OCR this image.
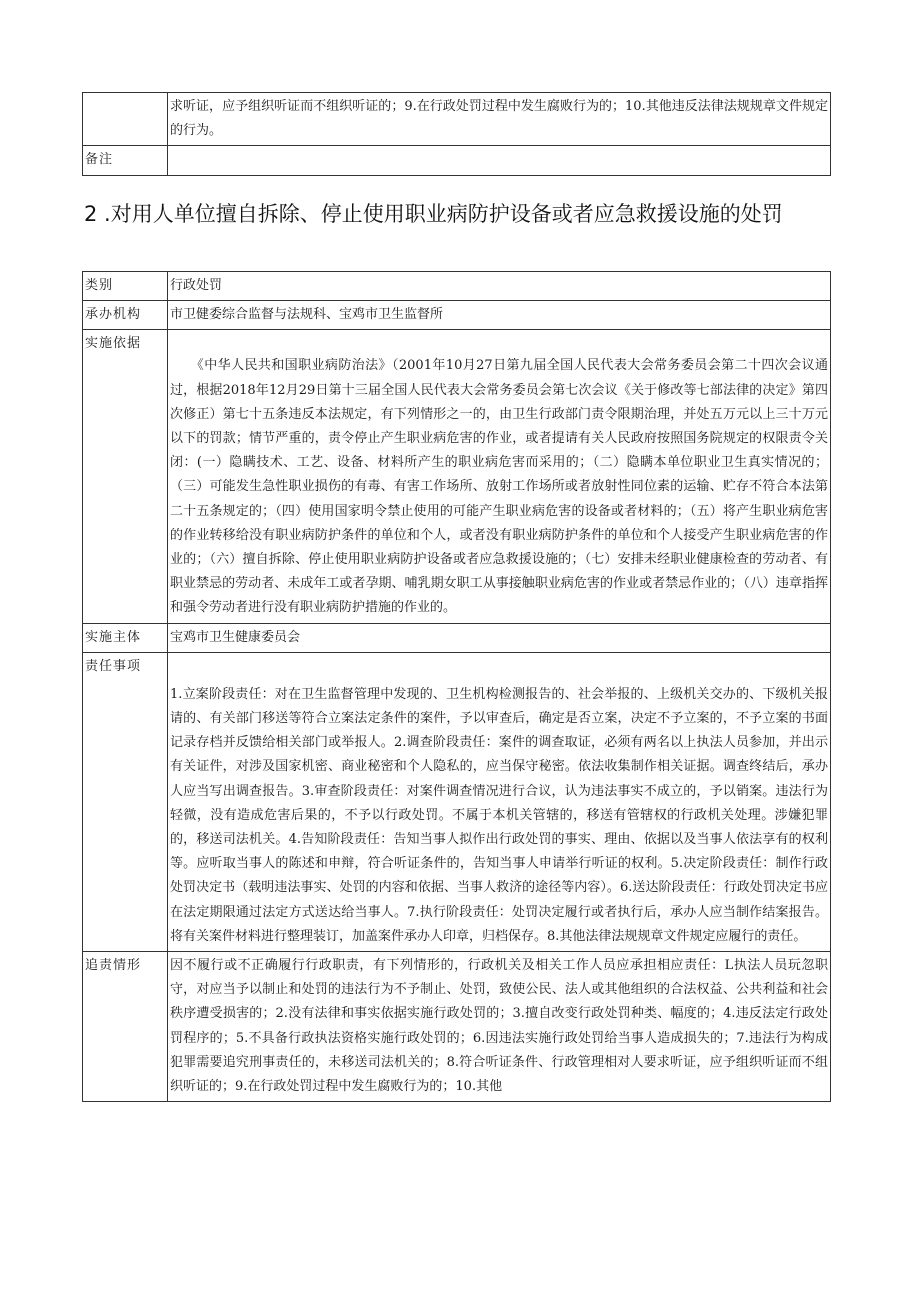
	求听证，应予组织听证而不组织听证的；9.在行政处罚过程中发生腐败行为的；10.其他违反法律法规规章文件规定的行为。
备注	
2 .对用人单位擅自拆除、停止使用职业病防护设备或者应急救援设施的处罚
类别	行政处罚
承办机构	市卫健委综合监督与法规科、宝鸡市卫生监督所
实施依据	《中华人民共和国职业病防治法》（2001年10月27日第九届全国人民代表大会常务委员会第二十四次会议通过，根据2018年12月29日第十三届全国人民代表大会常务委员会第七次会议《关于修改等七部法律的决定》第四次修正）第七十五条违反本法规定，有下列情形之一的，由卫生行政部门责令限期治理，并处五万元以上三十万元以下的罚款；情节严重的，责令停止产生职业病危害的作业，或者提请有关人民政府按照国务院规定的权限责令关闭：(一）隐瞒技术、工艺、设备、材料所产生的职业病危害而采用的；（二）隐瞒本单位职业卫生真实情况的；（三）可能发生急性职业损伤的有毒、有害工作场所、放射工作场所或者放射性同位素的运输、贮存不符合本法第二十五条规定的；（四）使用国家明令禁止使用的可能产生职业病危害的设备或者材料的；（五）将产生职业病危害的作业转移给没有职业病防护条件的单位和个人，或者没有职业病防护条件的单位和个人接受产生职业病危害的作业的；（六）擅自拆除、停止使用职业病防护设备或者应急救援设施的；（七）安排未经职业健康检查的劳动者、有职业禁忌的劳动者、未成年工或者孕期、哺乳期女职工从事接触职业病危害的作业或者禁忌作业的；（八）违章指挥和强令劳动者进行没有职业病防护措施的作业的。

实施主体	宝鸡市卫生健康委员会
责任事项	1.立案阶段责任：对在卫生监督管理中发现的、卫生机构检测报告的、社会举报的、上级机关交办的、下级机关报请的、有关部门移送等符合立案法定条件的案件，予以审查后，确定是否立案，决定不予立案的，不予立案的书面记录存档并反馈给相关部门或举报人。2.调查阶段责任：案件的调查取证，必须有两名以上执法人员参加，并出示有关证件，对涉及国家机密、商业秘密和个人隐私的，应当保守秘密。依法收集制作相关证据。调查终结后，承办人应当写出调查报告。3.审查阶段责任：对案件调查情况进行合议，认为违法事实不成立的，予以销案。违法行为轻微，没有造成危害后果的，不予以行政处罚。不属于本机关管辖的，移送有管辖权的行政机关处理。涉嫌犯罪的，移送司法机关。4.告知阶段责任：告知当事人拟作出行政处罚的事实、理由、依据以及当事人依法享有的权利等。应听取当事人的陈述和申辩，符合听证条件的，告知当事人申请举行听证的权利。5.决定阶段责任：制作行政处罚决定书（载明违法事实、处罚的内容和依据、当事人救济的途径等内容）。6.送达阶段责任：行政处罚决定书应在法定期限通过法定方式送达给当事人。7.执行阶段责任：处罚决定履行或者执行后，承办人应当制作结案报告。将有关案件材料进行整理装订，加盖案件承办人印章，归档保存。8.其他法律法规规章文件规定应履行的责任。
追责情形	因不履行或不正确履行行政职责，有下列情形的，行政机关及相关工作人员应承担相应责任：L执法人员玩忽职守，对应当予以制止和处罚的违法行为不予制止、处罚，致使公民、法人或其他组织的合法权益、公共利益和社会秩序遭受损害的；2.没有法律和事实依据实施行政处罚的；3.擅自改变行政处罚种类、幅度的；4.违反法定行政处罚程序的；5.不具备行政执法资格实施行政处罚的；6.因违法实施行政处罚给当事人造成损失的；7.违法行为构成犯罪需要追究刑事责任的，未移送司法机关的；8.符合听证条件、行政管理相对人要求听证，应予组织听证而不组织听证的；9.在行政处罚过程中发生腐败行为的；10.其他
